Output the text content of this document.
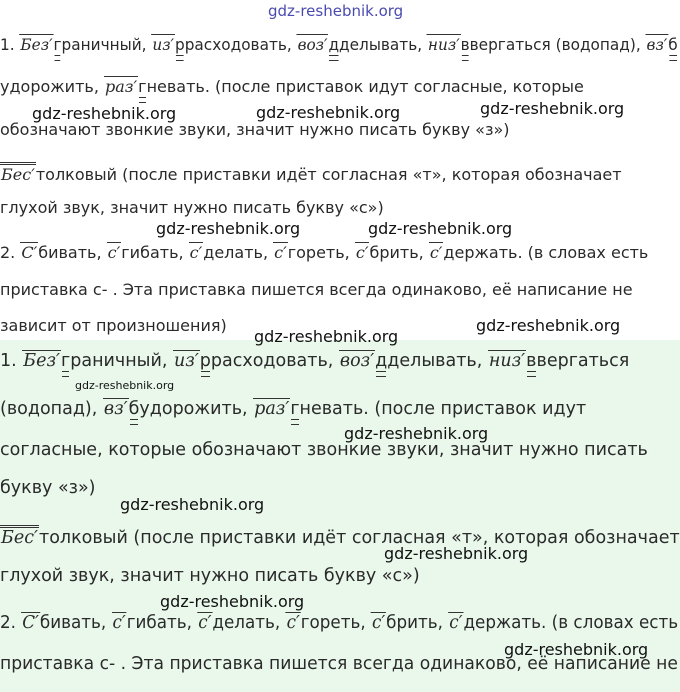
gdz-reshebnik.org
gdz-reshebnik.org	gdz-reshebnik.org	gdz-reshebnik.org
gdz-reshebnik.org	gdz-reshebnik.org
gdz-reshebnik.org
gdz-reshebnik.org
gdz-reshebnik.org
gdz-reshebnik.org
gdz-reshebnik.org
gdz-reshebnik.org
gdz-reshebnik.org
gdz-reshebnik.org
1. Без′граничный, из′ррасходовать, воз′дделывать, низ′ввергаться (водопад), вз′б
удорожить, раз′гневать. (после приставок идут согласные, которые
обозначают звонкие звуки, значит нужно писать букву «з»)
Бес′толковый (после приставки идёт согласная «т», которая обозначает
глухой звук, значит нужно писать букву «с»)
2. С′бивать, с′гибать, с′делать, с′гореть, с′брить, с′держать. (в словах есть
приставка с- . Эта приставка пишется всегда одинаково, её написание не
зависит от произношения)
1. Без′граничный, из′ррасходовать, воз′дделывать, низ′ввергаться
(водопад), вз′будорожить, раз′гневать. (после приставок идут
согласные, которые обозначают звонкие звуки, значит нужно писать
букву «з»)
Бес′толковый (после приставки идёт согласная «т», которая обозначает
глухой звук, значит нужно писать букву «с»)
2. С′бивать, с′гибать, с′делать, с′гореть, с′брить, с′держать. (в словах есть
приставка с- . Эта приставка пишется всегда одинаково, её написание не
